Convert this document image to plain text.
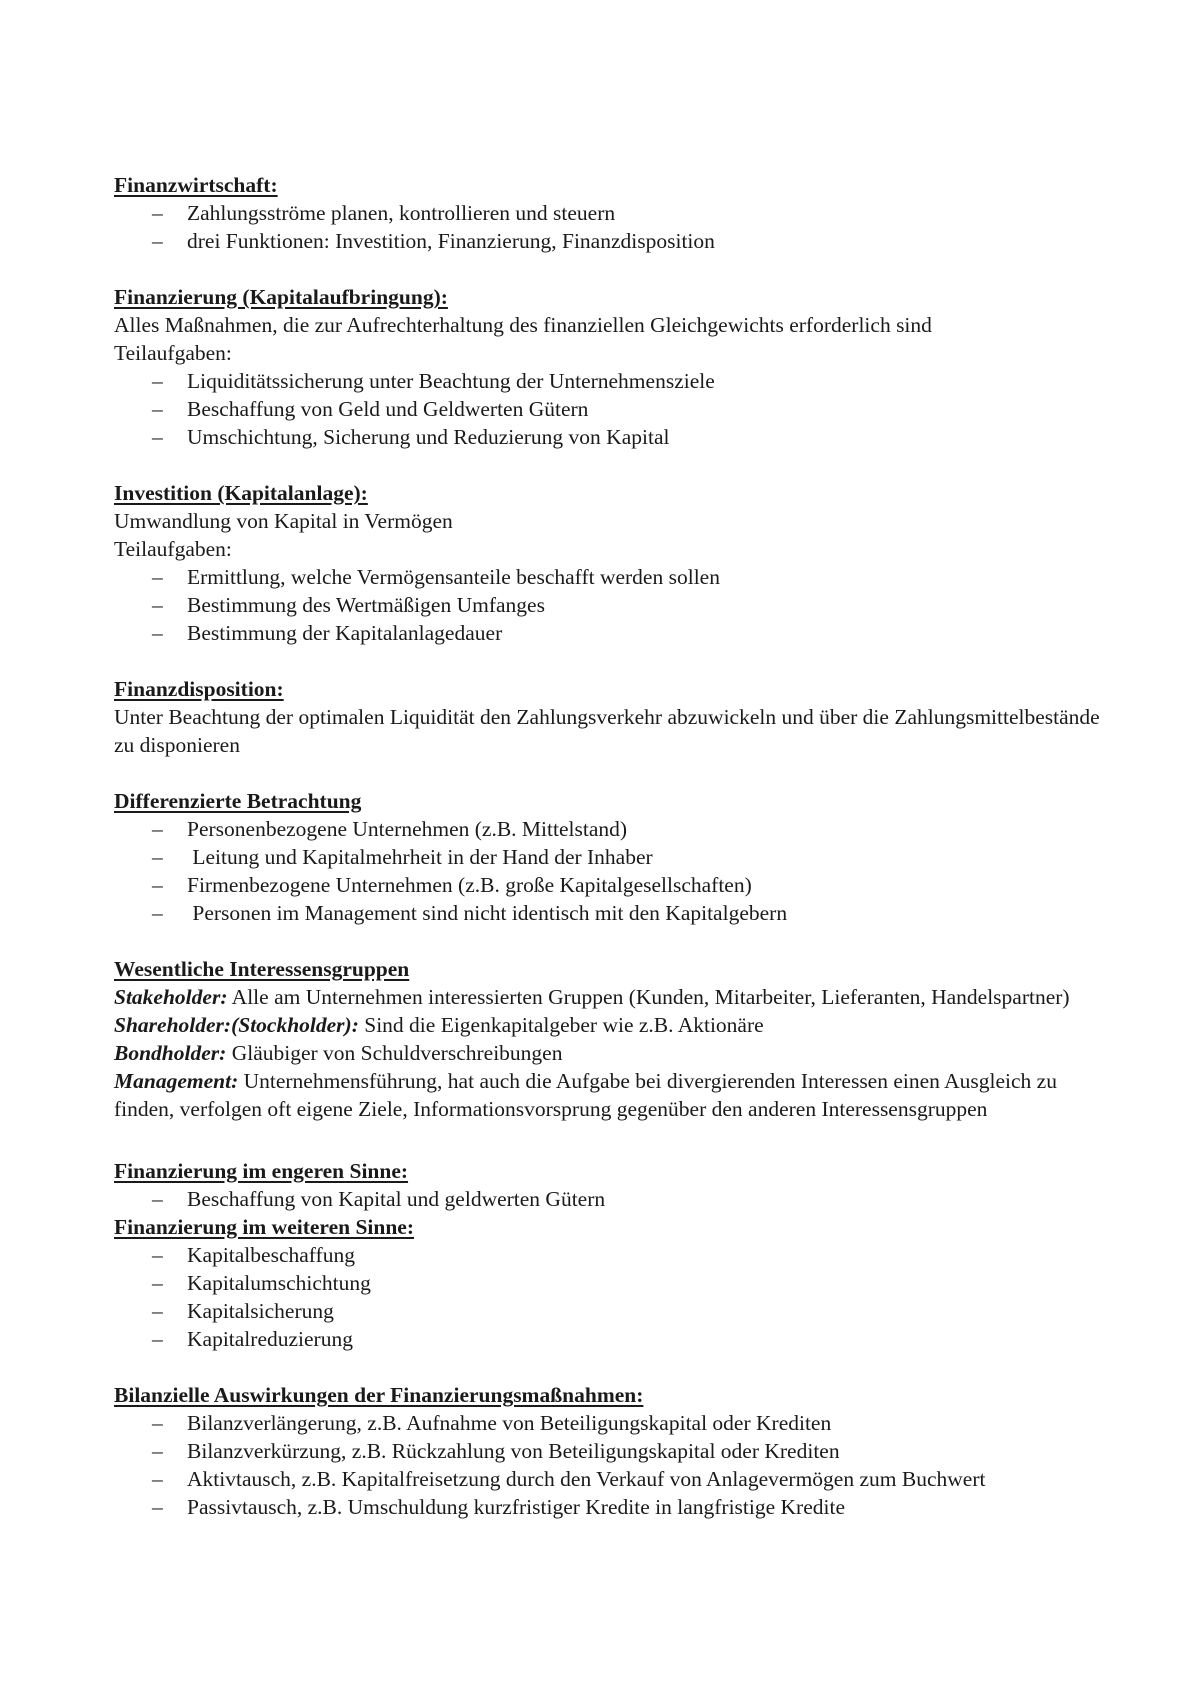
Finanzwirtschaft:

– Zahlungsströme planen, kontrollieren und steuern
– drei Funktionen: Investition, Finanzierung, Finanzdisposition

Finanzierung (Kapitalaufbringung):

Alles Maßnahmen, die zur Aufrechterhaltung des finanziellen Gleichgewichts erforderlich sind

Teilaufgaben:

– Liquiditätssicherung unter Beachtung der Unternehmensziele
– Beschaffung von Geld und Geldwerten Gütern
– Umschichtung, Sicherung und Reduzierung von Kapital

Investition (Kapitalanlage):

Umwandlung von Kapital in Vermögen

Teilaufgaben:

– Ermittlung, welche Vermögensanteile beschafft werden sollen
– Bestimmung des Wertmäßigen Umfanges
– Bestimmung der Kapitalanlagedauer

Finanzdisposition:

Unter Beachtung der optimalen Liquidität den Zahlungsverkehr abzuwickeln und über die Zahlungsmittelbestände zu disponieren

Differenzierte Betrachtung

– Personenbezogene Unternehmen (z.B. Mittelstand)
– Leitung und Kapitalmehrheit in der Hand der Inhaber
– Firmenbezogene Unternehmen (z.B. große Kapitalgesellschaften)
– Personen im Management sind nicht identisch mit den Kapitalgebern

Wesentliche Interessensgruppen

Stakeholder: Alle am Unternehmen interessierten Gruppen (Kunden, Mitarbeiter, Lieferanten, Handelspartner)

Shareholder:(Stockholder): Sind die Eigenkapitalgeber wie z.B. Aktionäre

Bondholder: Gläubiger von Schuldverschreibungen

Management: Unternehmensführung, hat auch die Aufgabe bei divergierenden Interessen einen Ausgleich zu finden, verfolgen oft eigene Ziele, Informationsvorsprung gegenüber den anderen Interessensgruppen

Finanzierung im engeren Sinne:

– Beschaffung von Kapital und geldwerten Gütern

Finanzierung im weiteren Sinne:

– Kapitalbeschaffung
– Kapitalumschichtung
– Kapitalsicherung
– Kapitalreduzierung

Bilanzielle Auswirkungen der Finanzierungsmaßnahmen:

– Bilanzverlängerung, z.B. Aufnahme von Beteiligungskapital oder Krediten
– Bilanzverkürzung, z.B. Rückzahlung von Beteiligungskapital oder Krediten
– Aktivtausch, z.B. Kapitalfreisetzung durch den Verkauf von Anlagevermögen zum Buchwert
– Passivtausch, z.B. Umschuldung kurzfristiger Kredite in langfristige Kredite
